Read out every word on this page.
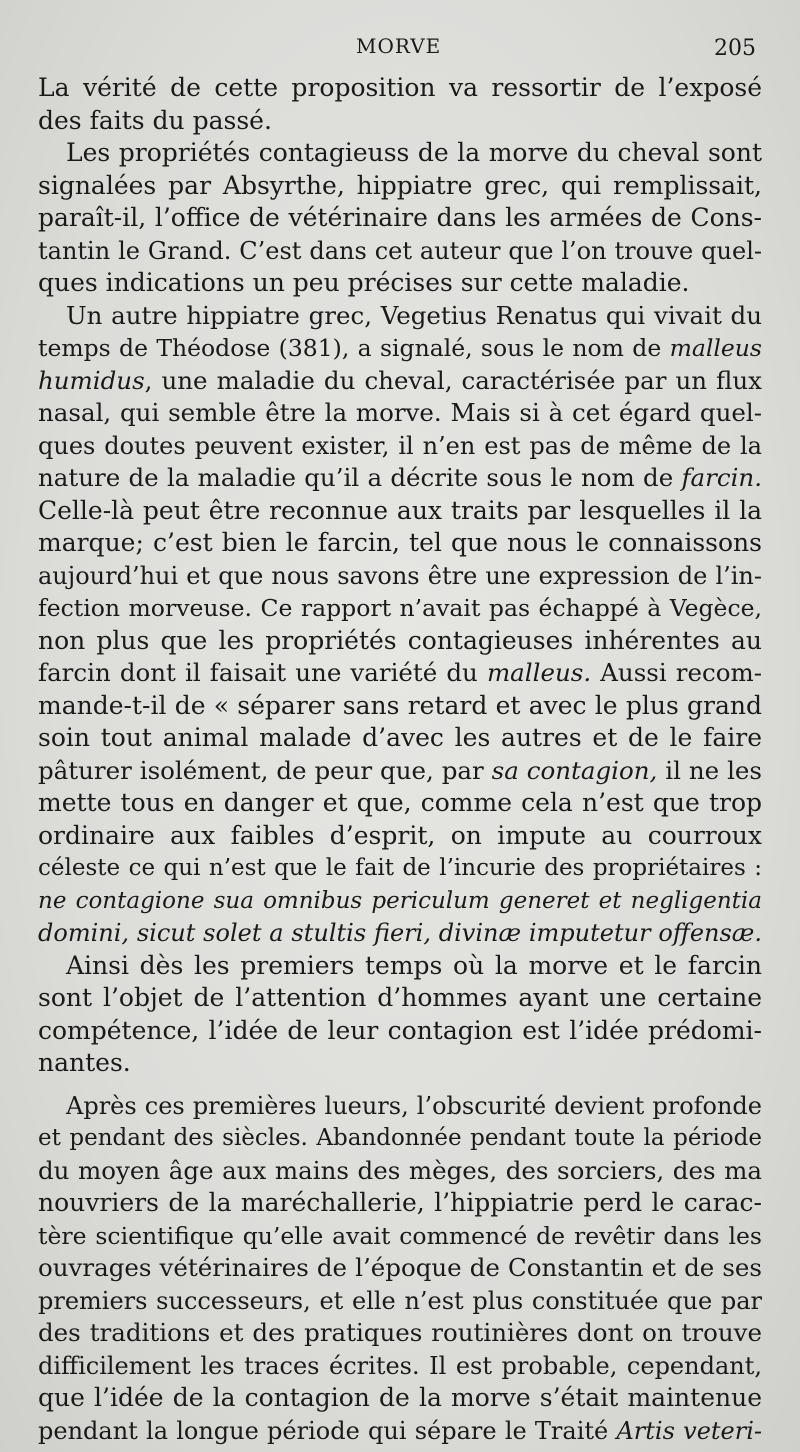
MORVE	205
La vérité de cette proposition va ressortir de l’exposé
des faits du passé.
Les propriétés contagieuss de la morve du cheval sont
signalées par Absyrthe, hippiatre grec, qui remplissait,
paraît-il, l’office de vétérinaire dans les armées de Cons-
tantin le Grand. C’est dans cet auteur que l’on trouve quel-
ques indications un peu précises sur cette maladie.
Un autre hippiatre grec, Vegetius Renatus qui vivait du
temps de Théodose (381), a signalé, sous le nom de malleus
humidus, une maladie du cheval, caractérisée par un flux
nasal, qui semble être la morve. Mais si à cet égard quel-
ques doutes peuvent exister, il n’en est pas de même de la
nature de la maladie qu’il a décrite sous le nom de farcin.
Celle-là peut être reconnue aux traits par lesquelles il la
marque; c’est bien le farcin, tel que nous le connaissons
aujourd’hui et que nous savons être une expression de l’in-
fection morveuse. Ce rapport n’avait pas échappé à Vegèce,
non plus que les propriétés contagieuses inhérentes au
farcin dont il faisait une variété du malleus. Aussi recom-
mande-t-il de « séparer sans retard et avec le plus grand
soin tout animal malade d’avec les autres et de le faire
pâturer isolément, de peur que, par sa contagion, il ne les
mette tous en danger et que, comme cela n’est que trop
ordinaire aux faibles d’esprit, on impute au courroux
céleste ce qui n’est que le fait de l’incurie des propriétaires :
ne contagione sua omnibus periculum generet et negligentia
domini, sicut solet a stultis fieri, divinæ imputetur offensæ.
Ainsi dès les premiers temps où la morve et le farcin
sont l’objet de l’attention d’hommes ayant une certaine
compétence, l’idée de leur contagion est l’idée prédomi-
nantes.
Après ces premières lueurs, l’obscurité devient profonde
et pendant des siècles. Abandonnée pendant toute la période
du moyen âge aux mains des mèges, des sorciers, des ma
nouvriers de la maréchallerie, l’hippiatrie perd le carac-
tère scientifique qu’elle avait commencé de revêtir dans les
ouvrages vétérinaires de l’époque de Constantin et de ses
premiers successeurs, et elle n’est plus constituée que par
des traditions et des pratiques routinières dont on trouve
difficilement les traces écrites. Il est probable, cependant,
que l’idée de la contagion de la morve s’était maintenue
pendant la longue période qui sépare le Traité Artis veteri-
